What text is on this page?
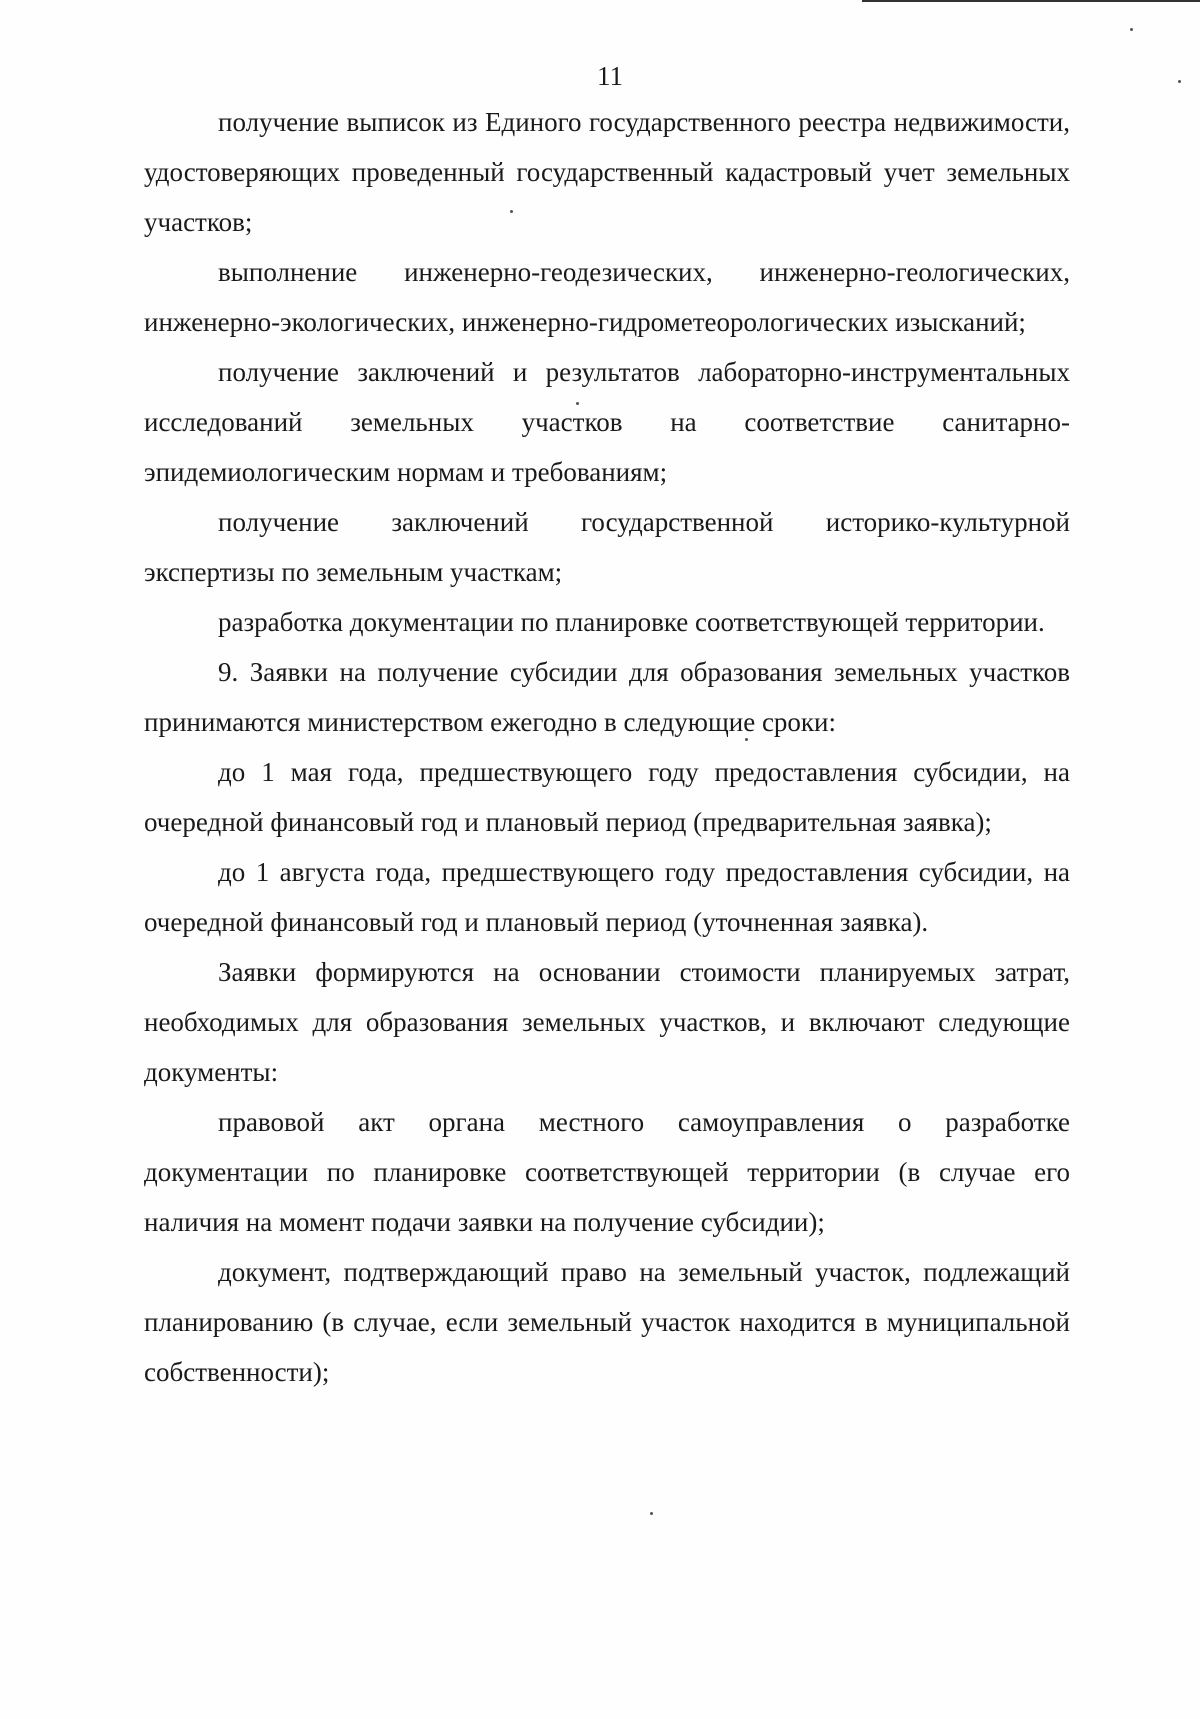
11

получение выписок из Единого государственного реестра недвижимости, удостоверяющих проведенный государственный кадастровый учет земельных участков;

выполнение инженерно-геодезических, инженерно-геологических, инженерно-экологических, инженерно-гидрометеорологических изысканий;

получение заключений и результатов лабораторно-инструментальных исследований земельных участков на соответствие санитарно-эпидемиологическим нормам и требованиям;

получение заключений государственной историко-культурной экспертизы по земельным участкам;

разработка документации по планировке соответствующей территории.

9. Заявки на получение субсидии для образования земельных участков принимаются министерством ежегодно в следующие сроки:

до 1 мая года, предшествующего году предоставления субсидии, на очередной финансовый год и плановый период (предварительная заявка);

до 1 августа года, предшествующего году предоставления субсидии, на очередной финансовый год и плановый период (уточненная заявка).

Заявки формируются на основании стоимости планируемых затрат, необходимых для образования земельных участков, и включают следующие документы:

правовой акт органа местного самоуправления о разработке документации по планировке соответствующей территории (в случае его наличия на момент подачи заявки на получение субсидии);

документ, подтверждающий право на земельный участок, подлежащий планированию (в случае, если земельный участок находится в муниципальной собственности);
